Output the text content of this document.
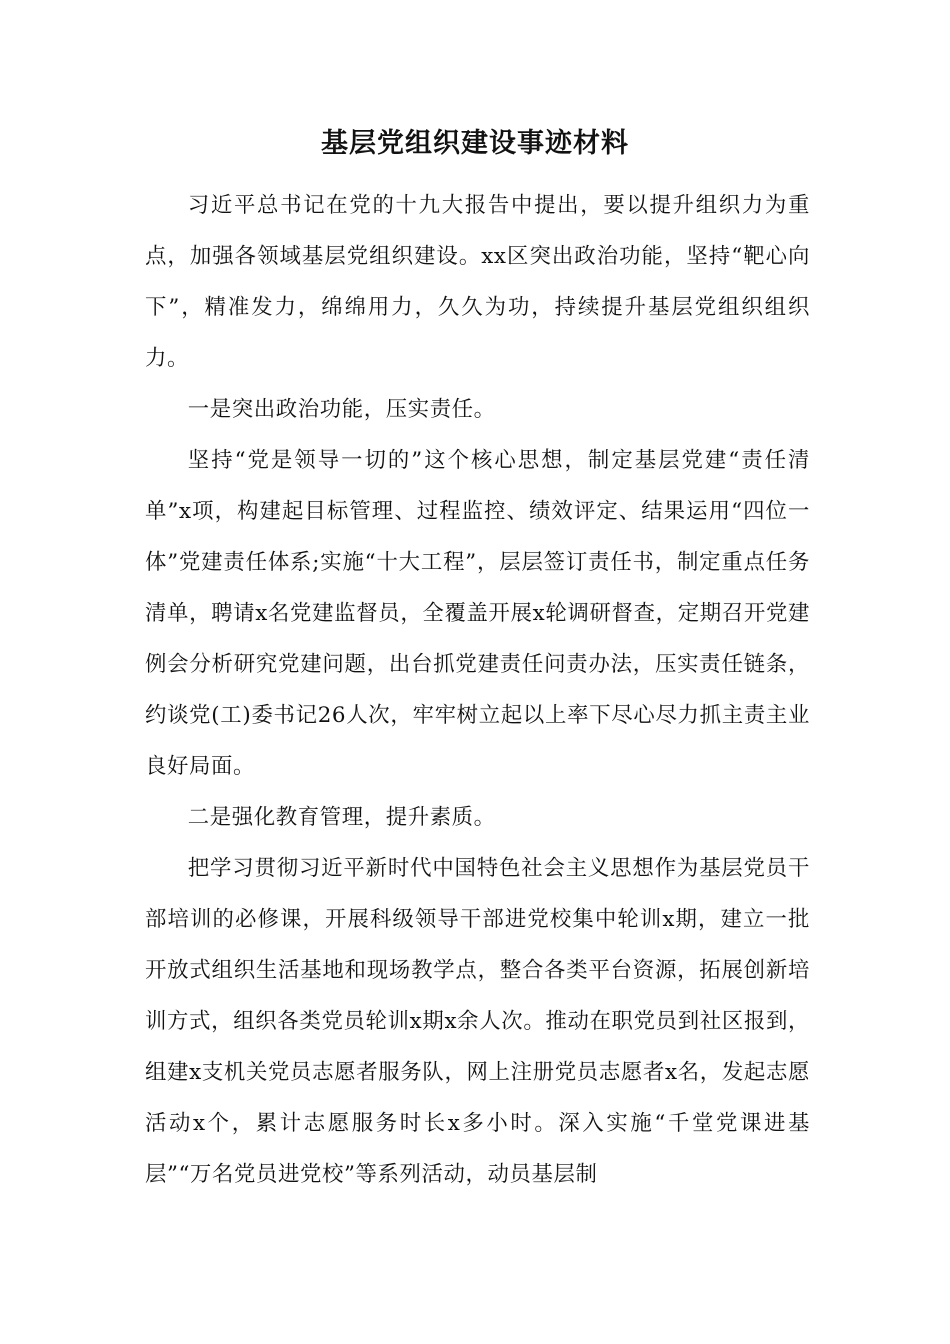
基层党组织建设事迹材料

习近平总书记在党的十九大报告中提出，要以提升组织力为重点，加强各领域基层党组织建设。xx区突出政治功能，坚持“靶心向下”，精准发力，绵绵用力，久久为功，持续提升基层党组织组织力。

一是突出政治功能，压实责任。

坚持“党是领导一切的”这个核心思想，制定基层党建“责任清单”x项，构建起目标管理、过程监控、绩效评定、结果运用“四位一体”党建责任体系;实施“十大工程”，层层签订责任书，制定重点任务清单，聘请x名党建监督员，全覆盖开展x轮调研督查，定期召开党建例会分析研究党建问题，出台抓党建责任问责办法，压实责任链条，约谈党(工)委书记26人次，牢牢树立起以上率下尽心尽力抓主责主业良好局面。

二是强化教育管理，提升素质。

把学习贯彻习近平新时代中国特色社会主义思想作为基层党员干部培训的必修课，开展科级领导干部进党校集中轮训x期，建立一批开放式组织生活基地和现场教学点，整合各类平台资源，拓展创新培训方式，组织各类党员轮训x期x余人次。推动在职党员到社区报到，组建x支机关党员志愿者服务队，网上注册党员志愿者x名，发起志愿活动x个，累计志愿服务时长x多小时。深入实施“千堂党课进基层”“万名党员进党校”等系列活动，动员基层制
